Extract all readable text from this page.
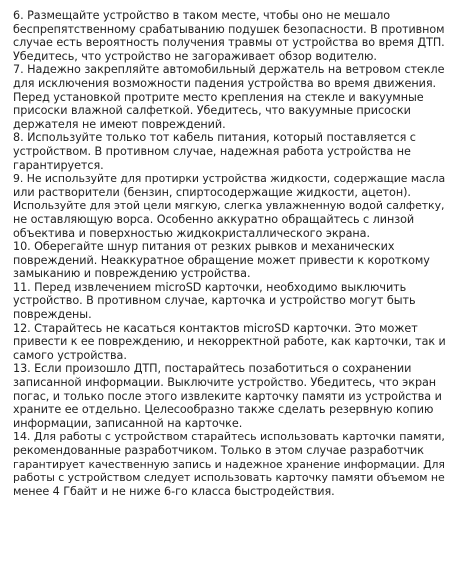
6. Размещайте устройство в таком месте, чтобы оно не мешало
беспрепятственному срабатыванию подушек безопасности. В противном
случае есть вероятность получения травмы от устройства во время ДТП.
Убедитесь, что устройство не загораживает обзор водителю.
7. Надежно закрепляйте автомобильный держатель на ветровом стекле
для исключения возможности падения устройства во время движения.
Перед установкой протрите место крепления на стекле и вакуумные
присоски влажной салфеткой. Убедитесь, что вакуумные присоски
держателя не имеют повреждений.
8. Используйте только тот кабель питания, который поставляется с
устройством. В противном случае, надежная работа устройства не
гарантируется.
9. Не используйте для протирки устройства жидкости, содержащие масла
или растворители (бензин, спиртосодержащие жидкости, ацетон).
Используйте для этой цели мягкую, слегка увлажненную водой салфетку,
не оставляющую ворса. Особенно аккуратно обращайтесь с линзой
объектива и поверхностью жидкокристаллического экрана.
10. Оберегайте шнур питания от резких рывков и механических
повреждений. Неаккуратное обращение может привести к короткому
замыканию и повреждению устройства.
11. Перед извлечением microSD карточки, необходимо выключить
устройство. В противном случае, карточка и устройство могут быть
повреждены.
12. Старайтесь не касаться контактов microSD карточки. Это может
привести к ее повреждению, и некорректной работе, как карточки, так и
самого устройства.
13. Если произошло ДТП, постарайтесь позаботиться о сохранении
записанной информации. Выключите устройство. Убедитесь, что экран
погас, и только после этого извлеките карточку памяти из устройства и
храните ее отдельно. Целесообразно также сделать резервную копию
информации, записанной на карточке.
14. Для работы с устройством старайтесь использовать карточки памяти,
рекомендованные разработчиком. Только в этом случае разработчик
гарантирует качественную запись и надежное хранение информации. Для
работы с устройством следует использовать карточку памяти объемом не
менее 4 Гбайт и не ниже 6-го класса быстродействия.
